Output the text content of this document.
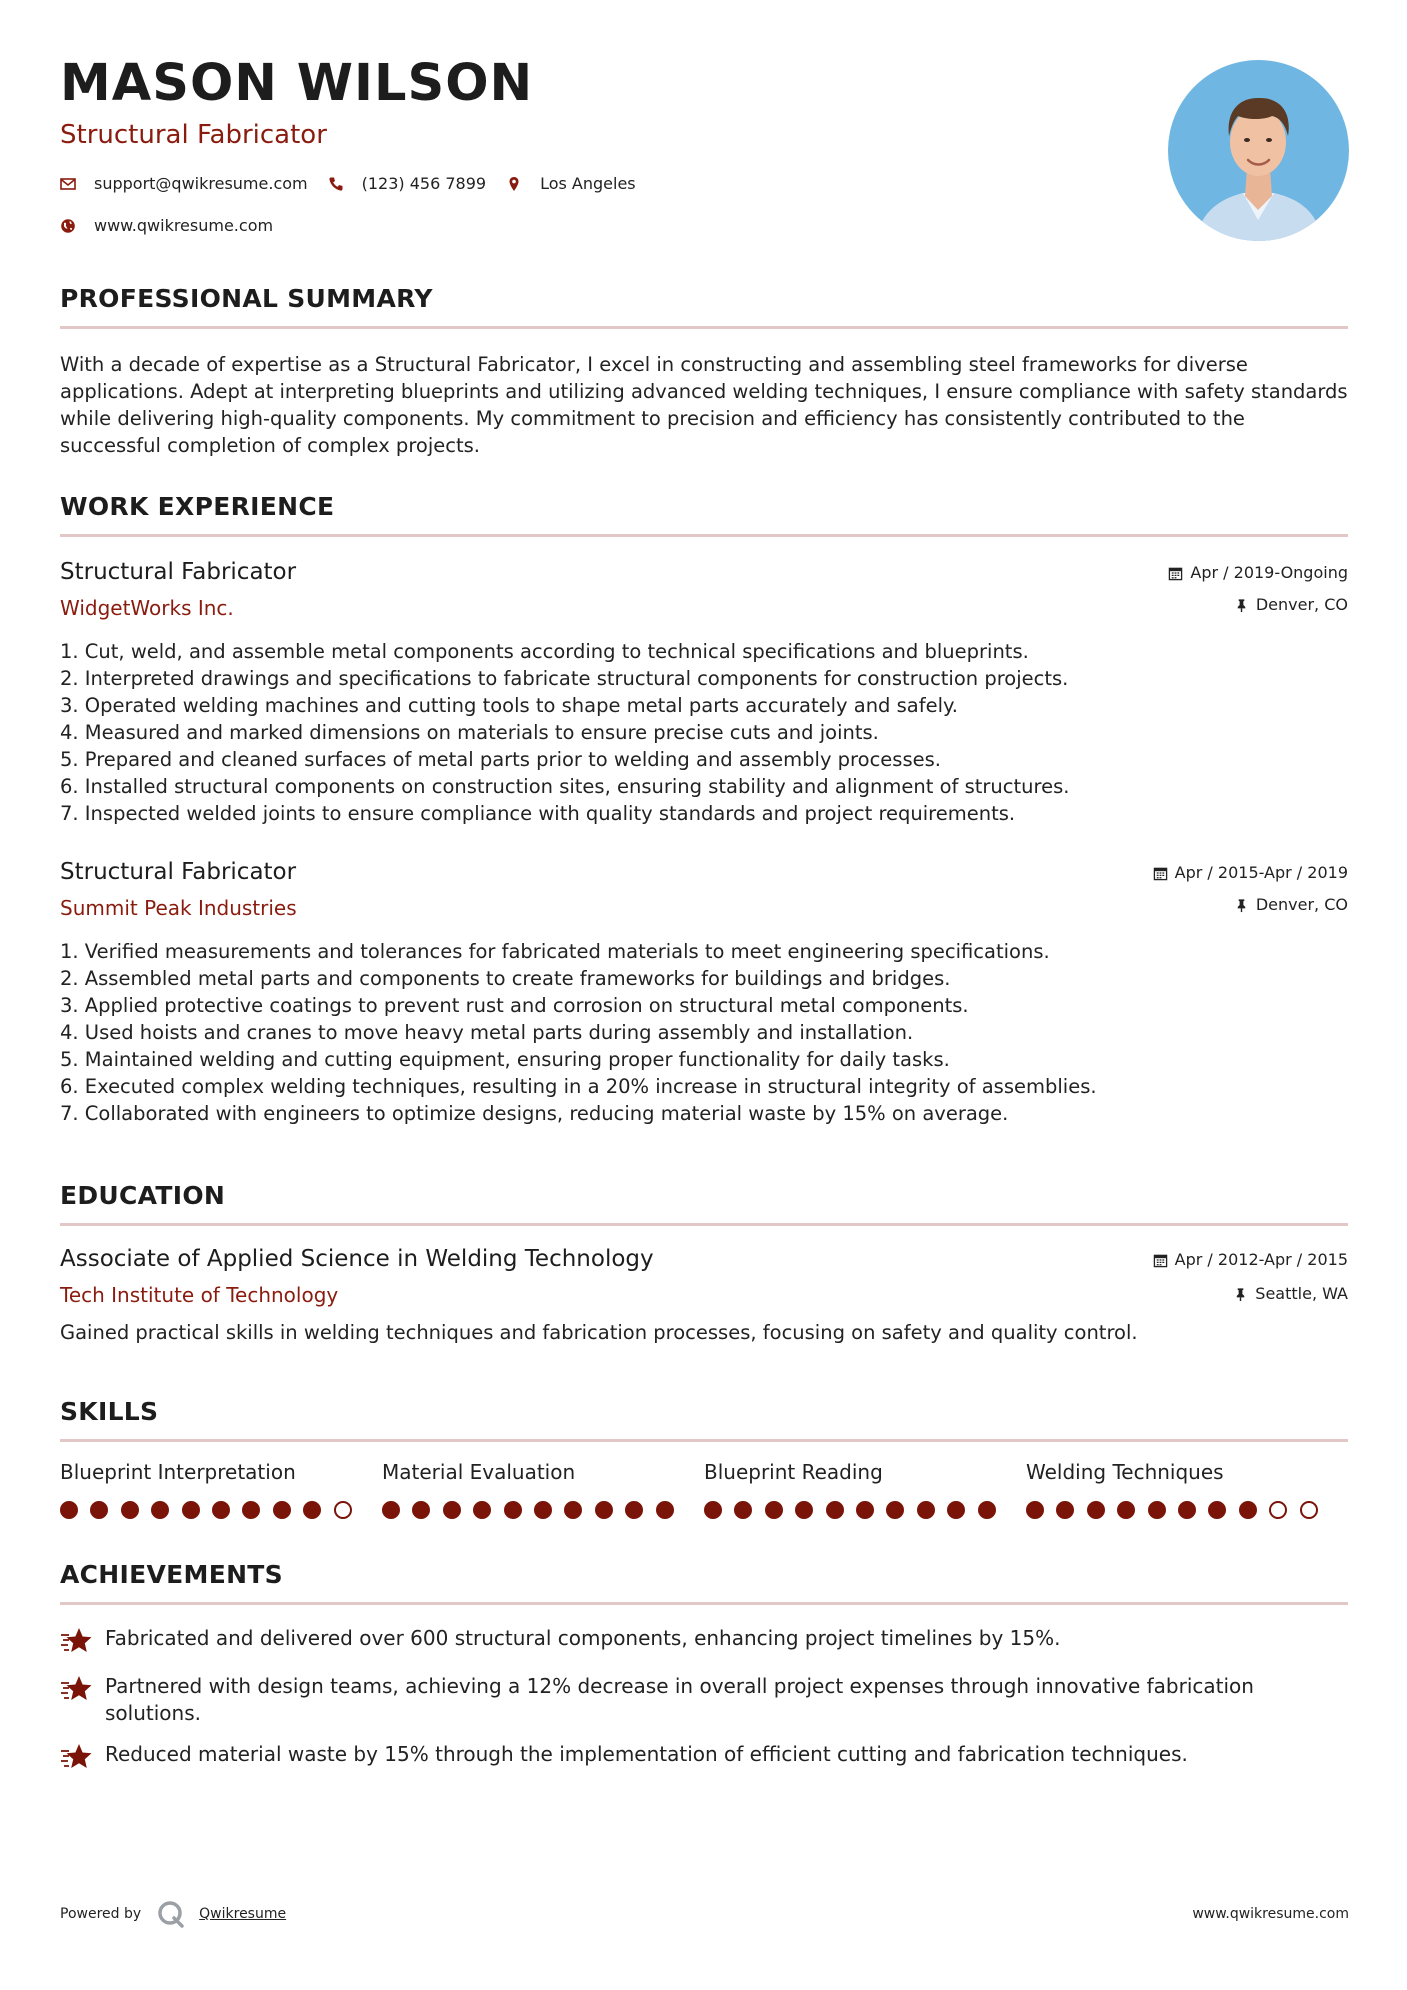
MASON WILSON
Structural Fabricator
support@qwikresume.com	(123) 456 7899	Los Angeles
www.qwikresume.com
PROFESSIONAL SUMMARY

With a decade of expertise as a Structural Fabricator, I excel in constructing and assembling steel frameworks for diverse applications. Adept at interpreting blueprints and utilizing advanced welding techniques, I ensure compliance with safety standards while delivering high-quality components. My commitment to precision and efficiency has consistently contributed to the successful completion of complex projects.

WORK EXPERIENCE
Structural Fabricator
WidgetWorks Inc.
Apr / 2019-Ongoing
Denver, CO
1. Cut, weld, and assemble metal components according to technical specifications and blueprints.
2. Interpreted drawings and specifications to fabricate structural components for construction projects.
3. Operated welding machines and cutting tools to shape metal parts accurately and safely.
4. Measured and marked dimensions on materials to ensure precise cuts and joints.
5. Prepared and cleaned surfaces of metal parts prior to welding and assembly processes.
6. Installed structural components on construction sites, ensuring stability and alignment of structures.
7. Inspected welded joints to ensure compliance with quality standards and project requirements.
Structural Fabricator
Summit Peak Industries
Apr / 2015-Apr / 2019
Denver, CO
1. Verified measurements and tolerances for fabricated materials to meet engineering specifications.
2. Assembled metal parts and components to create frameworks for buildings and bridges.
3. Applied protective coatings to prevent rust and corrosion on structural metal components.
4. Used hoists and cranes to move heavy metal parts during assembly and installation.
5. Maintained welding and cutting equipment, ensuring proper functionality for daily tasks.
6. Executed complex welding techniques, resulting in a 20% increase in structural integrity of assemblies.
7. Collaborated with engineers to optimize designs, reducing material waste by 15% on average.
EDUCATION
Associate of Applied Science in Welding Technology
Tech Institute of Technology
Apr / 2012-Apr / 2015
Seattle, WA

Gained practical skills in welding techniques and fabrication processes, focusing on safety and quality control.

SKILLS
Blueprint Interpretation	Material Evaluation	Blueprint Reading	Welding Techniques
ACHIEVEMENTS
Fabricated and delivered over 600 structural components, enhancing project timelines by 15%.
Partnered with design teams, achieving a 12% decrease in overall project expenses through innovative fabrication solutions.
Reduced material waste by 15% through the implementation of efficient cutting and fabrication techniques.
Powered by	Qwikresume	www.qwikresume.com
